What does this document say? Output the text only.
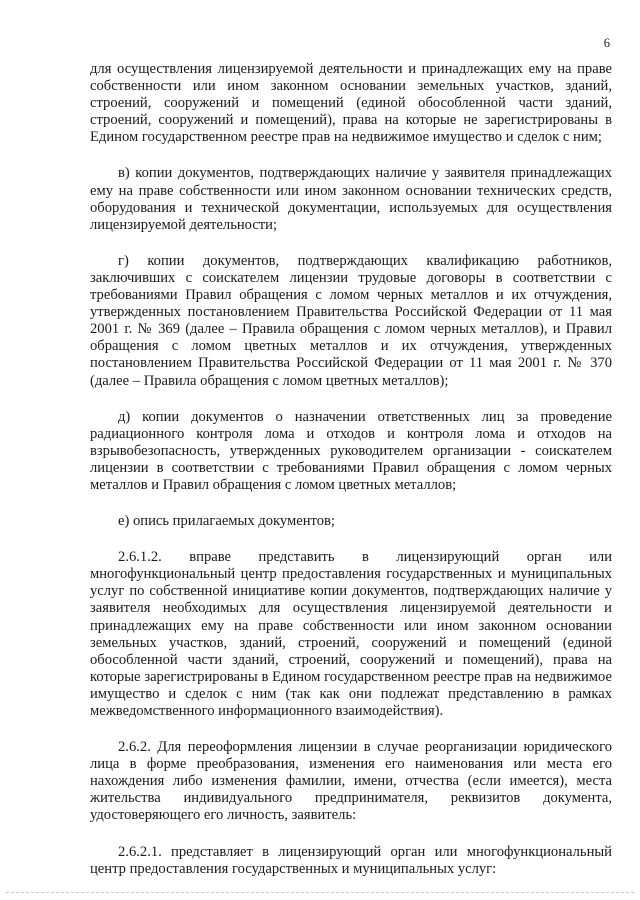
6

для осуществления лицензируемой деятельности и принадлежащих ему на праве собственности или ином законном основании земельных участков, зданий, строений, сооружений и помещений (единой обособленной части зданий, строений, сооружений и помещений), права на которые не зарегистрированы в Едином государственном реестре прав на недвижимое имущество и сделок с ним;

в) копии документов, подтверждающих наличие у заявителя принадлежащих ему на праве собственности или ином законном основании технических средств, оборудования и технической документации, используемых для осуществления лицензируемой деятельности;

г) копии документов, подтверждающих квалификацию работников, заключивших с соискателем лицензии трудовые договоры в соответствии с требованиями Правил обращения с ломом черных металлов и их отчуждения, утвержденных постановлением Правительства Российской Федерации от 11 мая 2001 г. № 369 (далее – Правила обращения с ломом черных металлов), и Правил обращения с ломом цветных металлов и их отчуждения, утвержденных постановлением Правительства Российской Федерации от 11 мая 2001 г. № 370 (далее – Правила обращения с ломом цветных металлов);

д) копии документов о назначении ответственных лиц за проведение радиационного контроля лома и отходов и контроля лома и отходов на взрывобезопасность, утвержденных руководителем организации - соискателем лицензии в соответствии с требованиями Правил обращения с ломом черных металлов и Правил обращения с ломом цветных металлов;

е) опись прилагаемых документов;

2.6.1.2. вправе представить в лицензирующий орган или многофункциональный центр предоставления государственных и муниципальных услуг по собственной инициативе копии документов, подтверждающих наличие у заявителя необходимых для осуществления лицензируемой деятельности и принадлежащих ему на праве собственности или ином законном основании земельных участков, зданий, строений, сооружений и помещений (единой обособленной части зданий, строений, сооружений и помещений), права на которые зарегистрированы в Едином государственном реестре прав на недвижимое имущество и сделок с ним (так как они подлежат представлению в рамках межведомственного информационного взаимодействия).

2.6.2. Для переоформления лицензии в случае реорганизации юридического лица в форме преобразования, изменения его наименования или места его нахождения либо изменения фамилии, имени, отчества (если имеется), места жительства индивидуального предпринимателя, реквизитов документа, удостоверяющего его личность, заявитель:

2.6.2.1. представляет в лицензирующий орган или многофункциональный центр предоставления государственных и муниципальных услуг:
